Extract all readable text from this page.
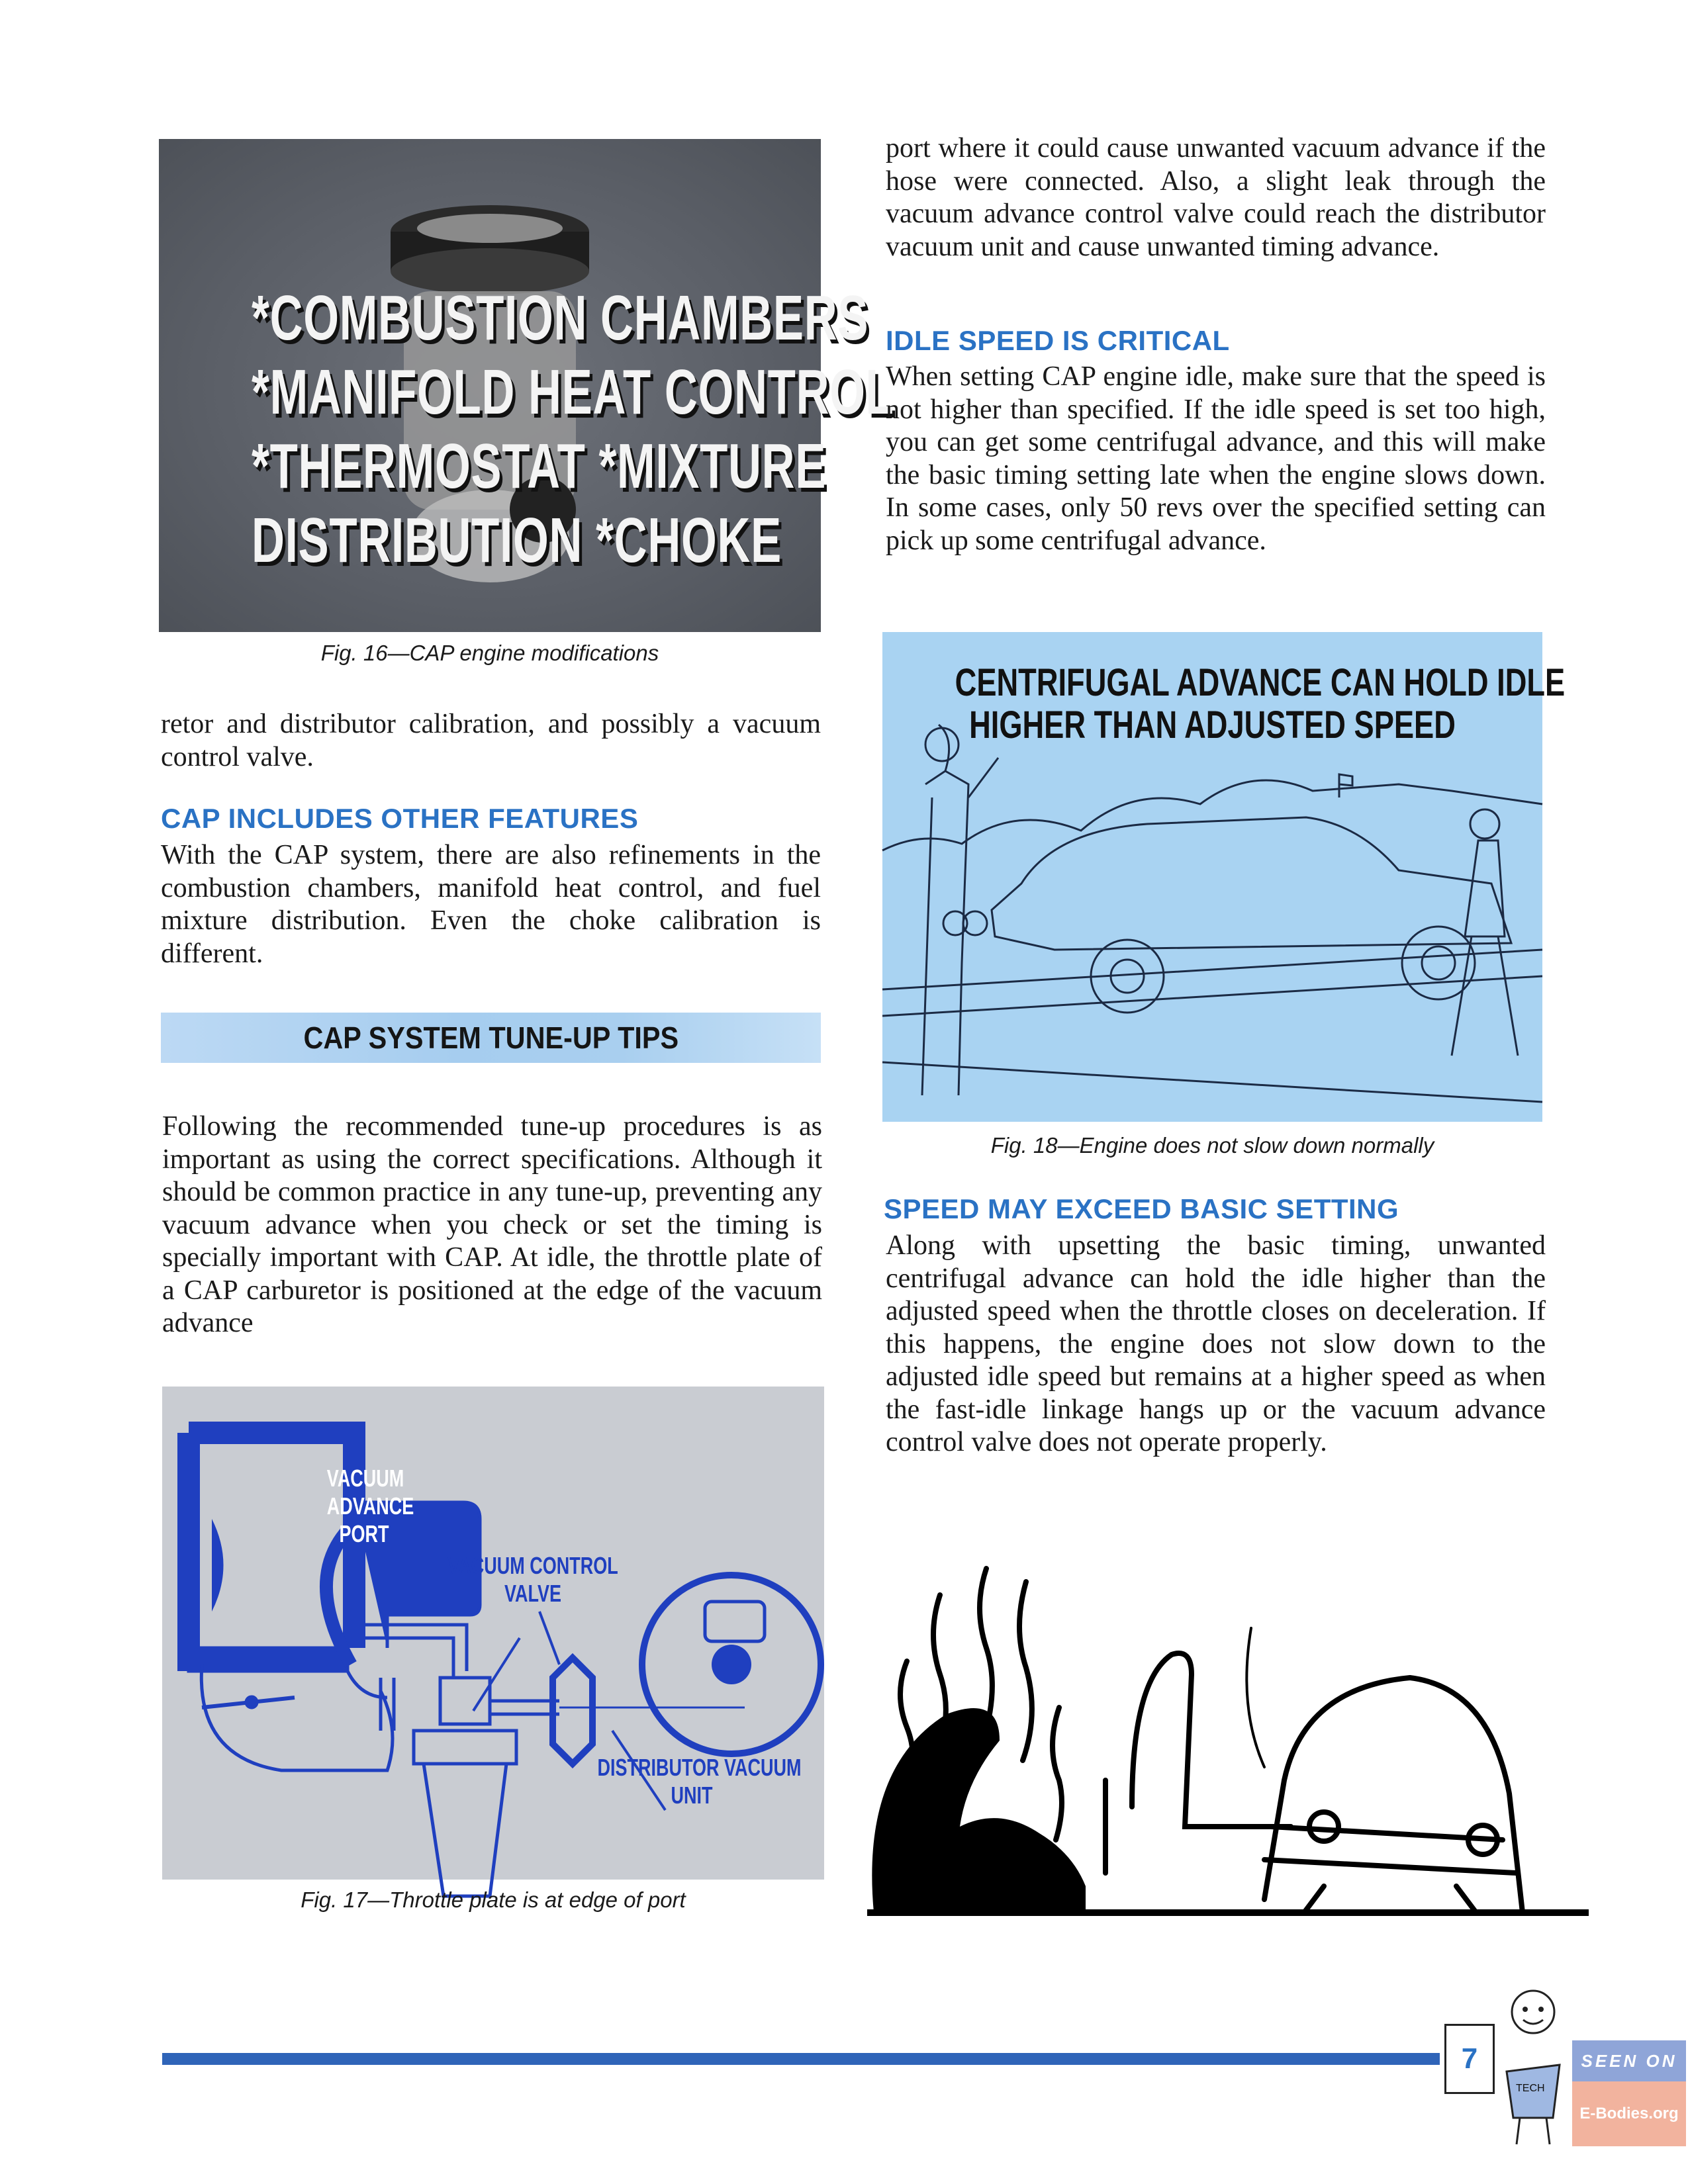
*COMBUSTION CHAMBERS
*MANIFOLD HEAT CONTROL
*THERMOSTAT *MIXTURE
DISTRIBUTION *CHOKE
Fig. 16—CAP engine modifications

retor and distributor calibration, and possibly a vacuum control valve.

CAP INCLUDES OTHER FEATURES

With the CAP system, there are also refinements in the combustion chambers, manifold heat control, and fuel mixture distribution. Even the choke calibration is different.

CAP SYSTEM TUNE-UP TIPS

Following the recommended tune-up procedures is as important as using the correct specifications. Although it should be common practice in any tune-up, preventing any vacuum advance when you check or set the timing is specially important with CAP. At idle, the throttle plate of a CAP carburetor is positioned at the edge of the vacuum advance

VACUUM
ADVANCE
PORT
VACUUM CONTROL
VALVE
DISTRIBUTOR VACUUM
UNIT
Fig. 17—Throttle plate is at edge of port

port where it could cause unwanted vacuum advance if the hose were connected. Also, a slight leak through the vacuum advance control valve could reach the distributor vacuum unit and cause unwanted timing advance.

IDLE SPEED IS CRITICAL

When setting CAP engine idle, make sure that the speed is not higher than specified. If the idle speed is set too high, you can get some centrifugal advance, and this will make the basic timing setting late when the engine slows down. In some cases, only 50 revs over the specified setting can pick up some centrifugal advance.

CENTRIFUGAL ADVANCE CAN HOLD IDLE
HIGHER THAN ADJUSTED SPEED
Fig. 18—Engine does not slow down normally
SPEED MAY EXCEED BASIC SETTING

Along with upsetting the basic timing, unwanted centrifugal advance can hold the idle higher than the adjusted speed when the throttle closes on deceleration. If this happens, the engine does not slow down to the adjusted idle speed but remains at a higher speed as when the fast-idle linkage hangs up or the vacuum advance control valve does not operate properly.

7
TECH
SEEN ON
E-Bodies.org
